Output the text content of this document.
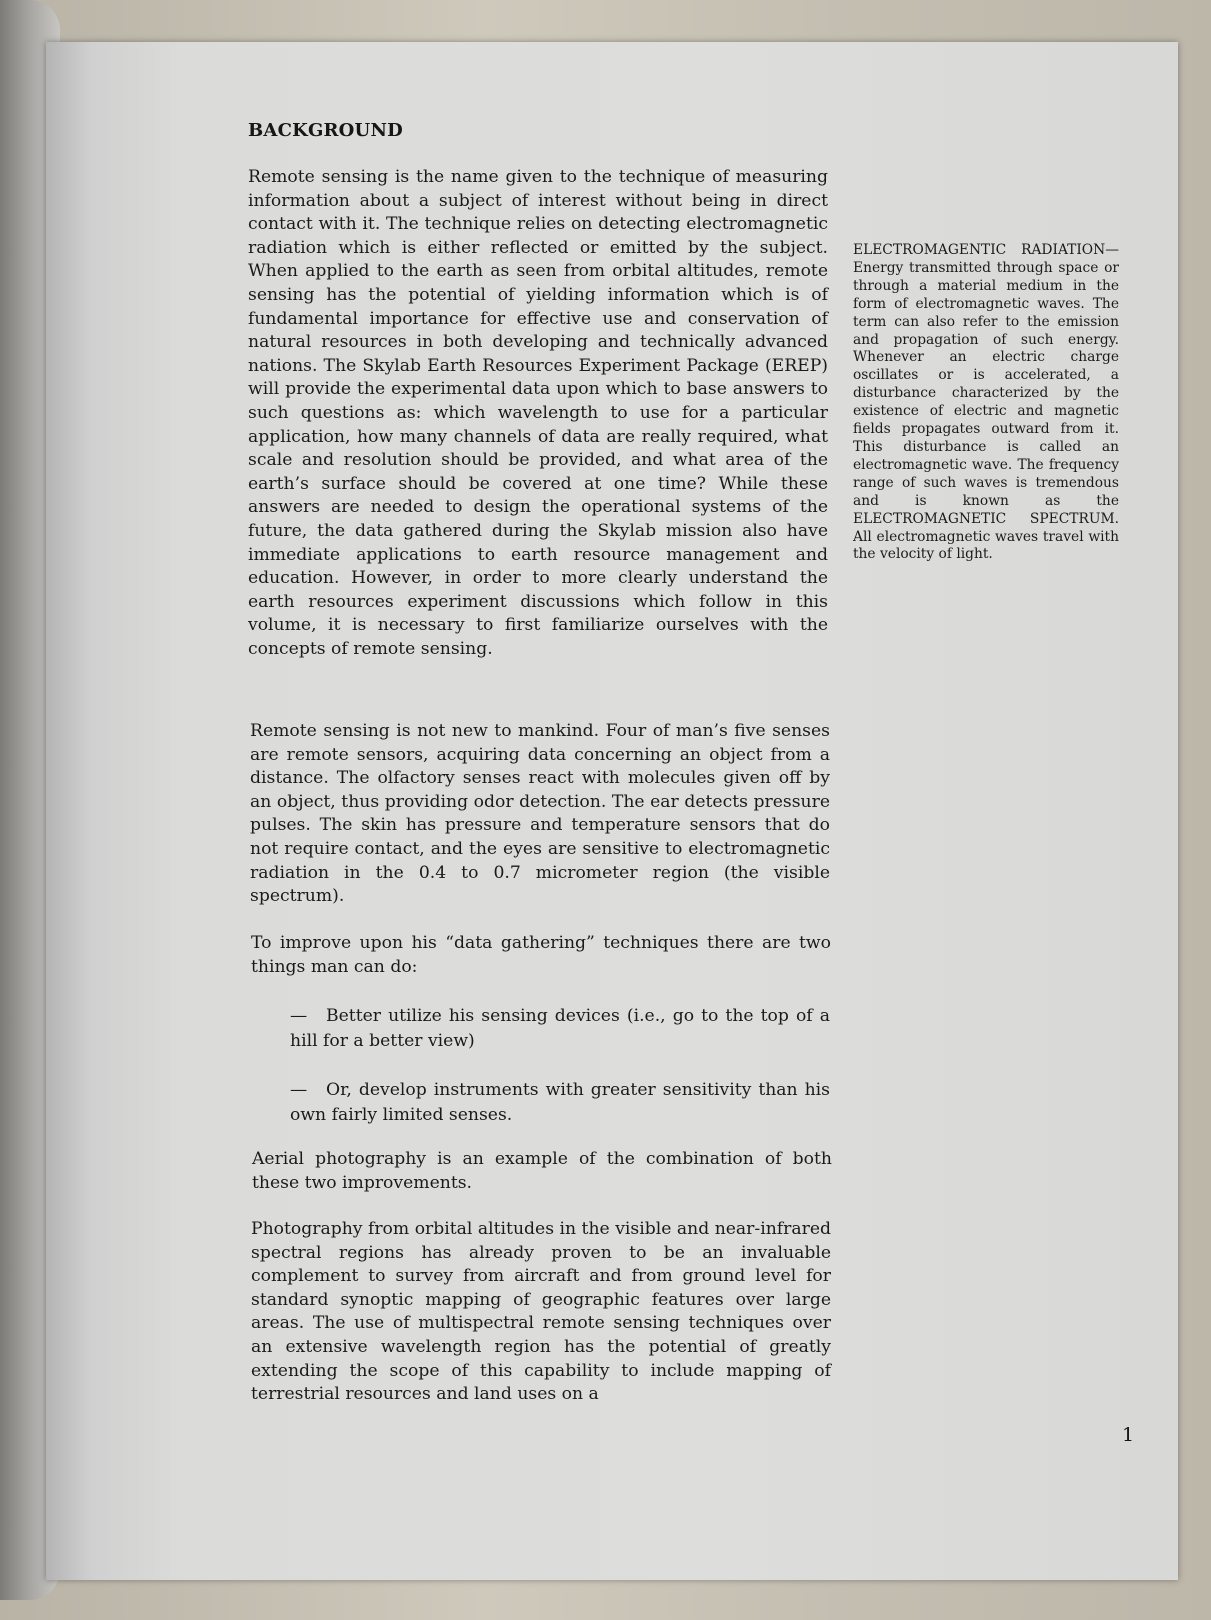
BACKGROUND

Remote sensing is the name given to the technique of measuring information about a subject of interest without being in direct contact with it. The technique relies on detecting electromagnetic radiation which is either reflected or emitted by the subject. When applied to the earth as seen from orbital altitudes, remote sensing has the potential of yielding information which is of fundamental importance for effective use and conservation of natural resources in both developing and technically advanced nations. The Skylab Earth Resources Experiment Package (EREP) will provide the experimental data upon which to base answers to such questions as: which wavelength to use for a particular application, how many channels of data are really required, what scale and resolution should be provided, and what area of the earth’s surface should be covered at one time? While these answers are needed to design the operational systems of the future, the data gathered during the Skylab mission also have immediate applications to earth resource management and education. However, in order to more clearly understand the earth resources experiment discussions which follow in this volume, it is necessary to first familiarize ourselves with the concepts of remote sensing.

Remote sensing is not new to mankind. Four of man’s five senses are remote sensors, acquiring data concerning an object from a distance. The olfactory senses react with molecules given off by an object, thus providing odor detection. The ear detects pressure pulses. The skin has pressure and temperature sensors that do not require contact, and the eyes are sensitive to electromagnetic radiation in the 0.4 to 0.7 micrometer region (the visible spectrum).

To improve upon his “data gathering” techniques there are two things man can do:

— Better utilize his sensing devices (i.e., go to the top of a hill for a better view)

— Or, develop instruments with greater sensitivity than his own fairly limited senses.

Aerial photography is an example of the combination of both these two improvements.

Photography from orbital altitudes in the visible and near-infrared spectral regions has already proven to be an invaluable complement to survey from aircraft and from ground level for standard synoptic mapping of geographic features over large areas. The use of multispectral remote sensing techniques over an extensive wavelength region has the potential of greatly extending the scope of this capability to include mapping of terrestrial resources and land uses on a

ELECTROMAGENTIC RADIATION— Energy transmitted through space or through a material medium in the form of electromagnetic waves. The term can also refer to the emission and propagation of such energy. Whenever an electric charge oscillates or is accelerated, a disturbance characterized by the existence of electric and magnetic fields propagates outward from it. This disturbance is called an electromagnetic wave. The frequency range of such waves is tremendous and is known as the ELECTROMAGNETIC SPECTRUM. All electromagnetic waves travel with the velocity of light.

1
